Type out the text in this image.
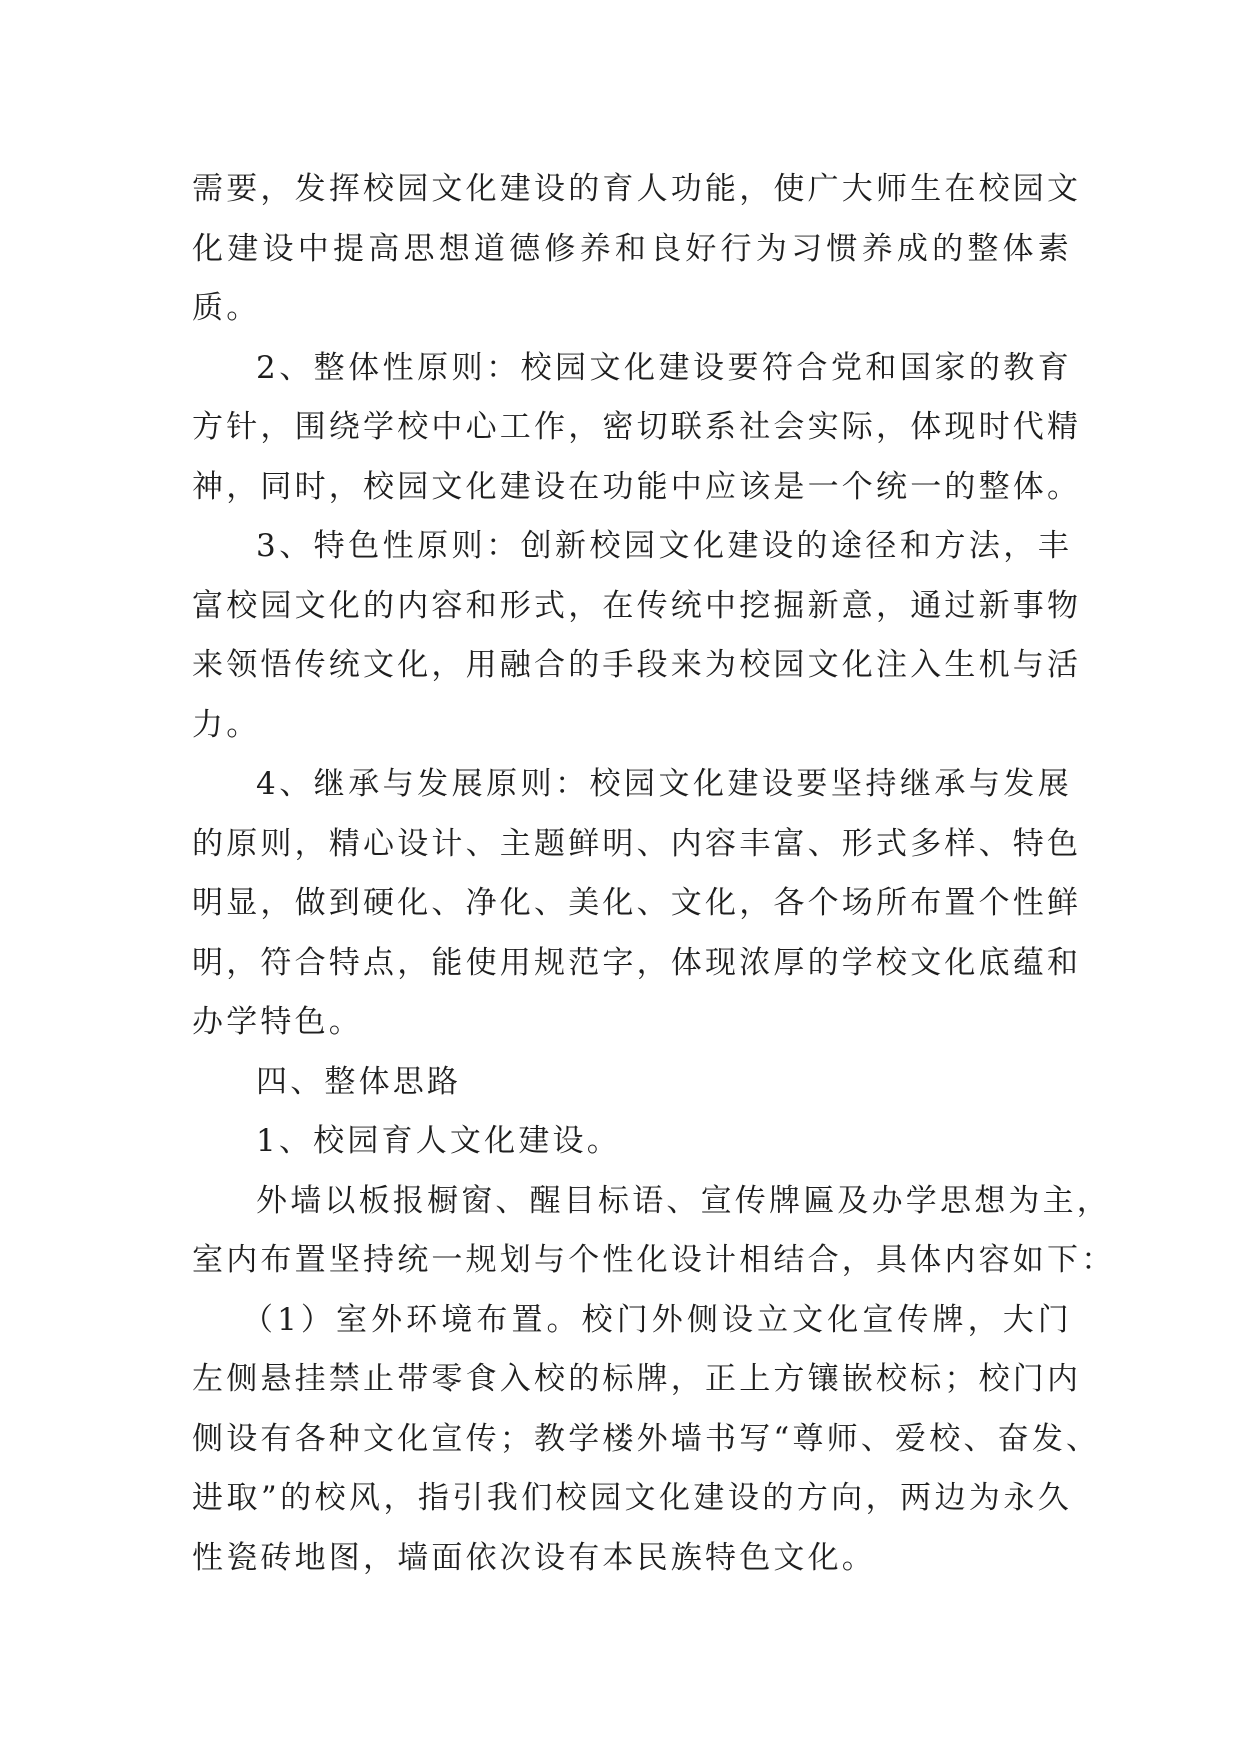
需要，发挥校园文化建设的育人功能，使广大师生在校园文
化建设中提高思想道德修养和良好行为习惯养成的整体素
质。
2、整体性原则：校园文化建设要符合党和国家的教育
方针，围绕学校中心工作，密切联系社会实际，体现时代精
神，同时，校园文化建设在功能中应该是一个统一的整体。
3、特色性原则：创新校园文化建设的途径和方法，丰
富校园文化的内容和形式，在传统中挖掘新意，通过新事物
来领悟传统文化，用融合的手段来为校园文化注入生机与活
力。
4、继承与发展原则：校园文化建设要坚持继承与发展
的原则，精心设计、主题鲜明、内容丰富、形式多样、特色
明显，做到硬化、净化、美化、文化，各个场所布置个性鲜
明，符合特点，能使用规范字，体现浓厚的学校文化底蕴和
办学特色。
四、整体思路
1、校园育人文化建设。
外墙以板报橱窗、醒目标语、宣传牌匾及办学思想为主，
室内布置坚持统一规划与个性化设计相结合，具体内容如下：
（1）室外环境布置。校门外侧设立文化宣传牌，大门
左侧悬挂禁止带零食入校的标牌，正上方镶嵌校标；校门内
侧设有各种文化宣传；教学楼外墙书写“尊师、爱校、奋发、
进取”的校风，指引我们校园文化建设的方向，两边为永久
性瓷砖地图，墙面依次设有本民族特色文化。
